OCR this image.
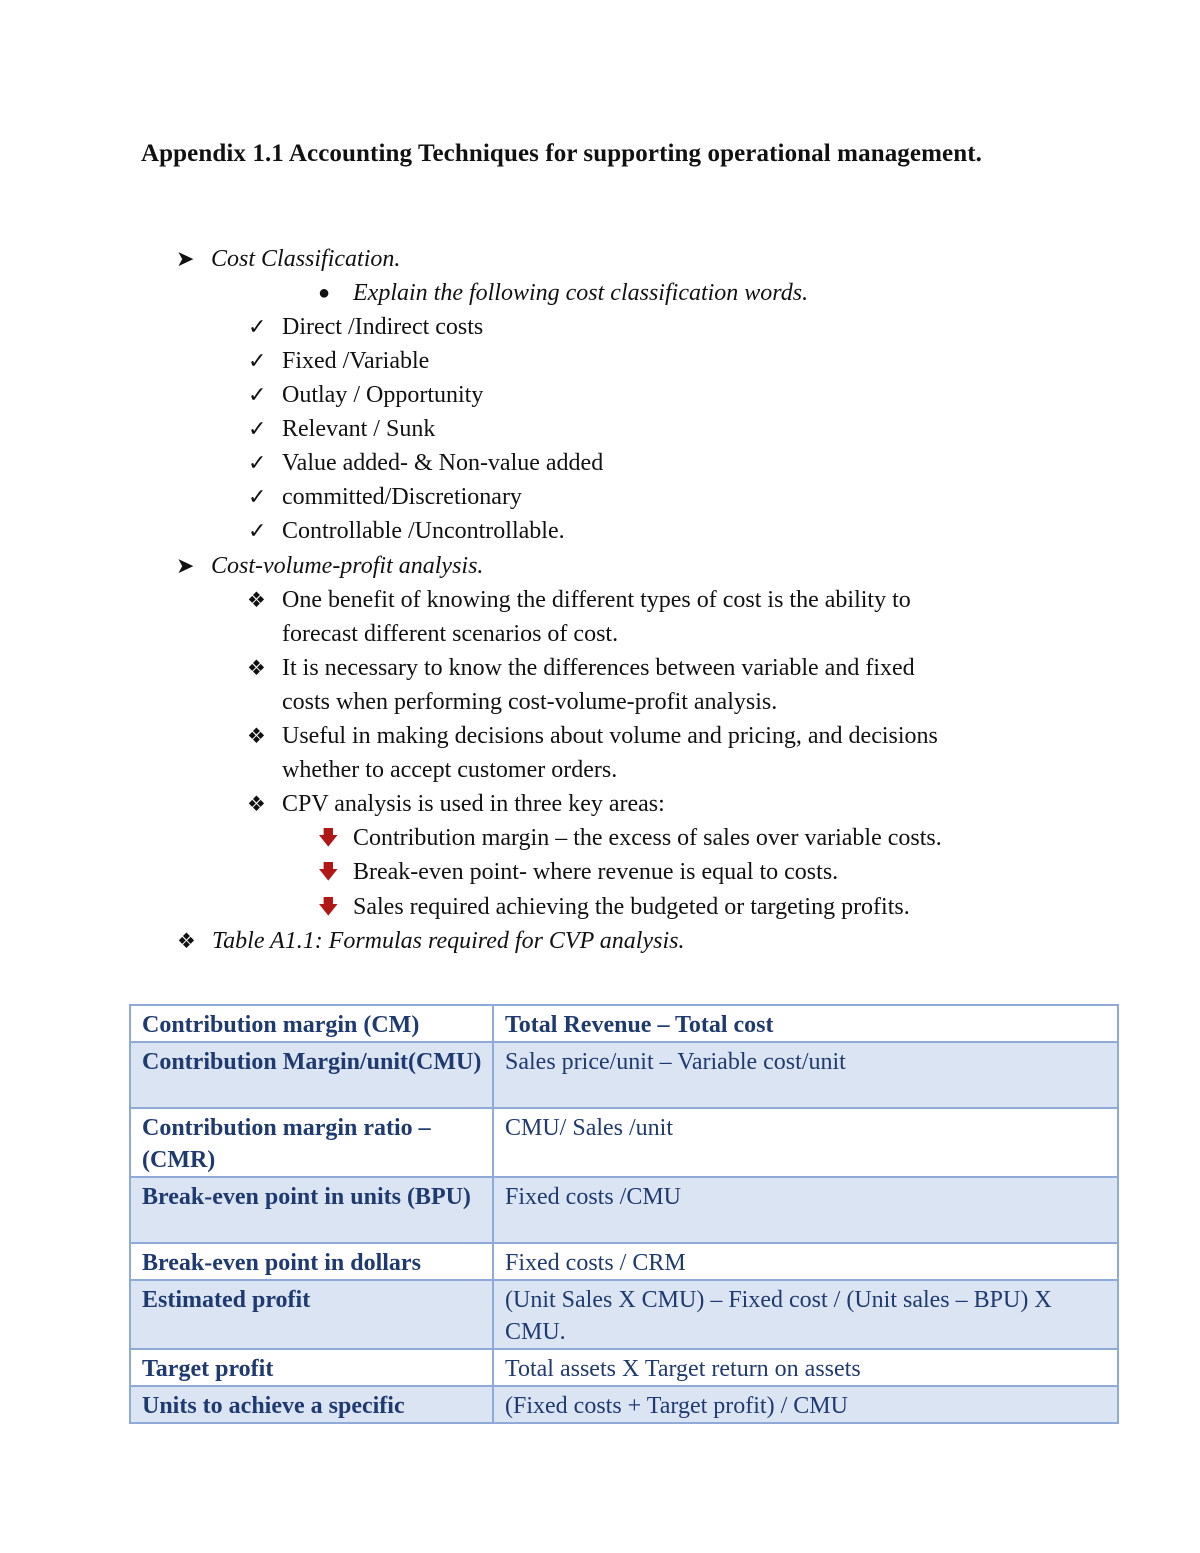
Appendix 1.1 Accounting Techniques for supporting operational management.
➤ Cost Classification.
● Explain the following cost classification words.
✓ Direct /Indirect costs
✓ Fixed /Variable
✓ Outlay / Opportunity
✓ Relevant / Sunk
✓ Value added- & Non-value added
✓ committed/Discretionary
✓ Controllable /Uncontrollable.
➤ Cost-volume-profit analysis.
❖ One benefit of knowing the different types of cost is the ability to
forecast different scenarios of cost.
❖ It is necessary to know the differences between variable and fixed
costs when performing cost-volume-profit analysis.
❖ Useful in making decisions about volume and pricing, and decisions
whether to accept customer orders.
❖ CPV analysis is used in three key areas:
🡇 Contribution margin – the excess of sales over variable costs.
🡇 Break-even point- where revenue is equal to costs.
🡇 Sales required achieving the budgeted or targeting profits.
❖ Table A1.1: Formulas required for CVP analysis.
Contribution margin (CM)	Total Revenue – Total cost
Contribution Margin/unit(CMU)	Sales price/unit – Variable cost/unit
Contribution margin ratio – (CMR)	CMU/ Sales /unit
Break-even point in units (BPU)	Fixed costs /CMU
Break-even point in dollars	Fixed costs / CRM
Estimated profit	(Unit Sales X CMU) – Fixed cost / (Unit sales – BPU) X CMU.
Target profit	Total assets X Target return on assets
Units to achieve a specific	(Fixed costs + Target profit) / CMU
